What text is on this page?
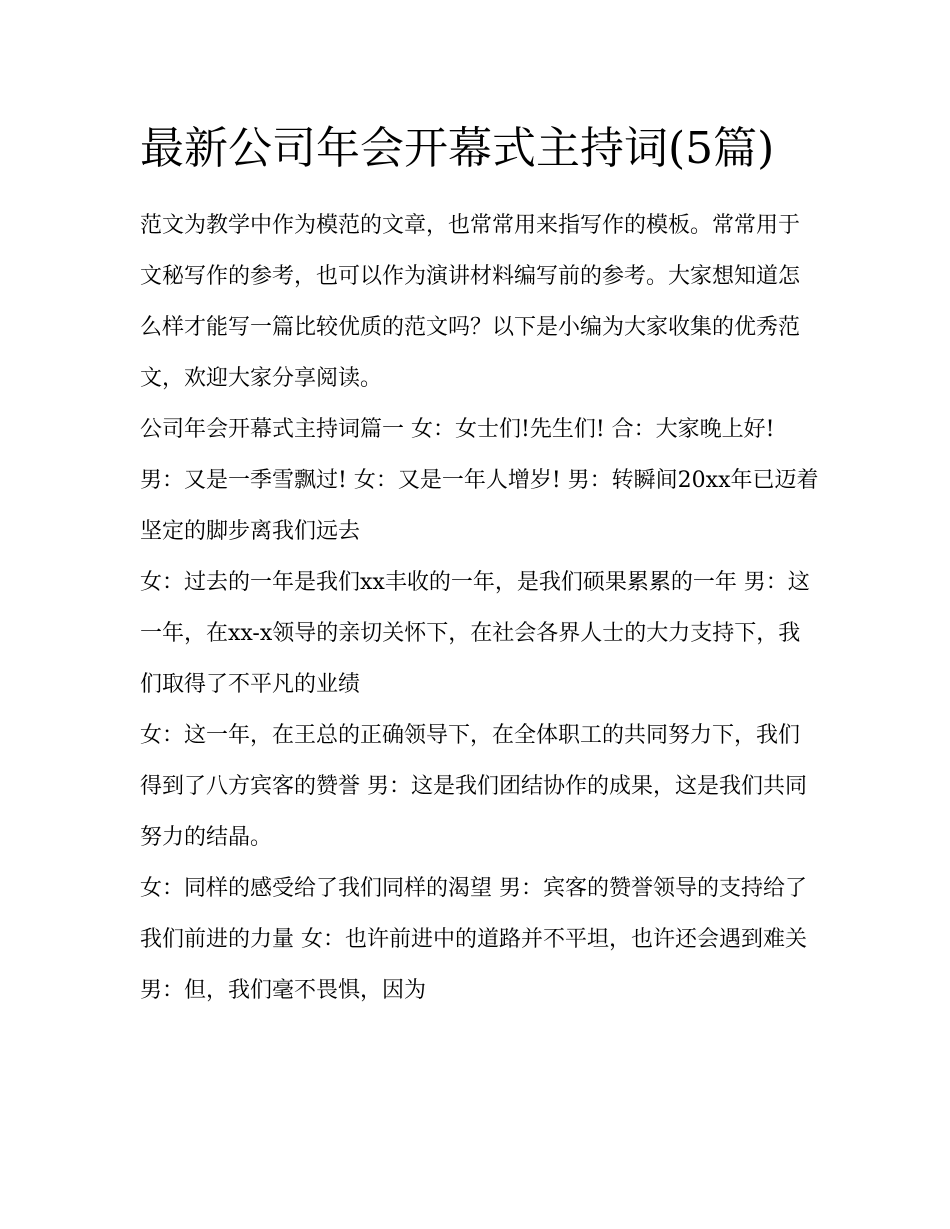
最新公司年会开幕式主持词(5篇)

范文为教学中作为模范的文章，也常常用来指写作的模板。常常用于文秘写作的参考，也可以作为演讲材料编写前的参考。大家想知道怎么样才能写一篇比较优质的范文吗？以下是小编为大家收集的优秀范文，欢迎大家分享阅读。

公司年会开幕式主持词篇一 女：女士们!先生们! 合：大家晚上好! 男：又是一季雪飘过! 女：又是一年人增岁! 男：转瞬间20xx年已迈着坚定的脚步离我们远去

女：过去的一年是我们xx丰收的一年，是我们硕果累累的一年 男：这一年，在xx-x领导的亲切关怀下，在社会各界人士的大力支持下，我们取得了不平凡的业绩

女：这一年，在王总的正确领导下，在全体职工的共同努力下，我们得到了八方宾客的赞誉 男：这是我们团结协作的成果，这是我们共同努力的结晶。

女：同样的感受给了我们同样的渴望 男：宾客的赞誉领导的支持给了我们前进的力量 女：也许前进中的道路并不平坦，也许还会遇到难关 男：但，我们毫不畏惧，因为
